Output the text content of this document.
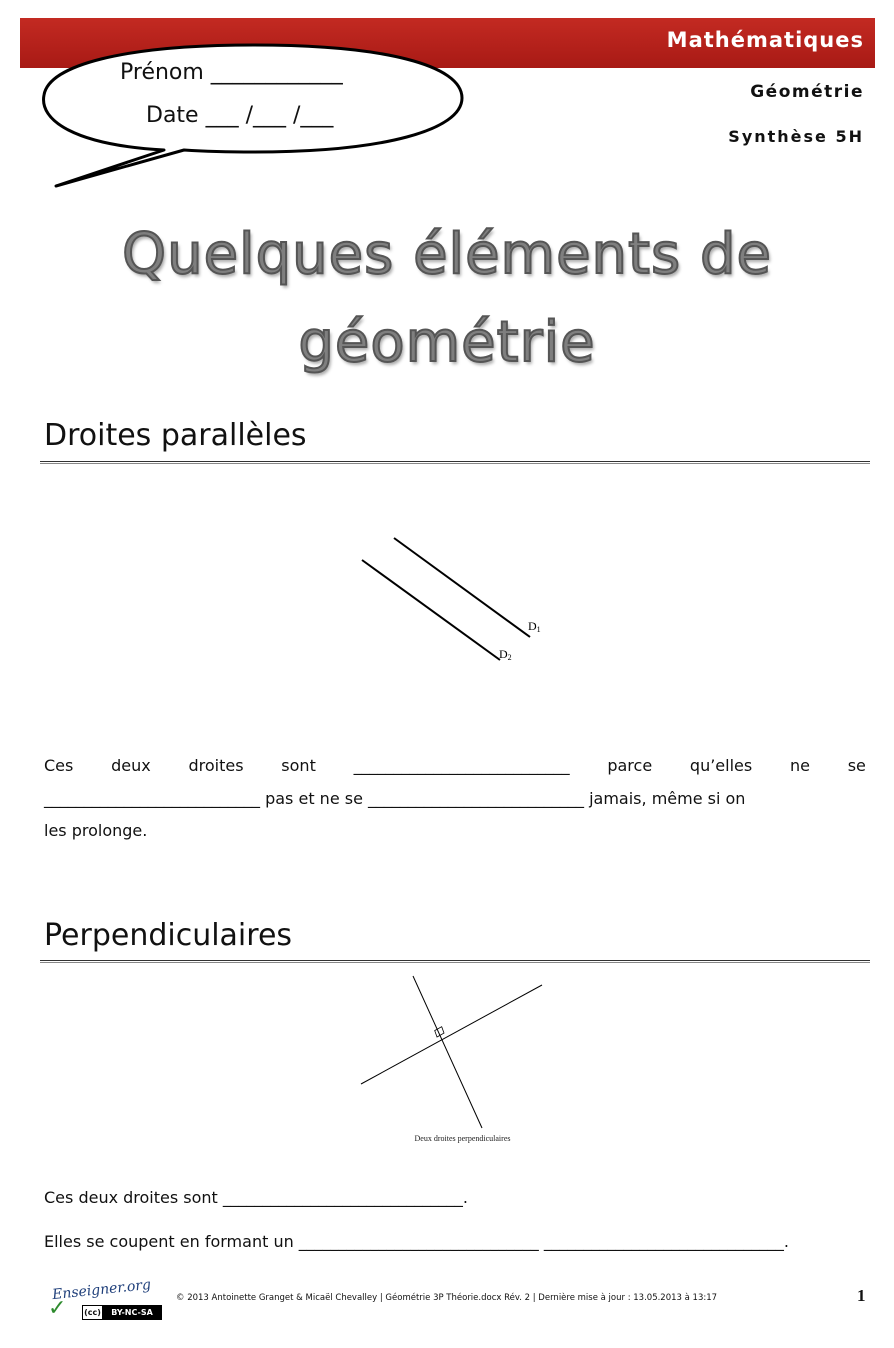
Mathématiques
Géométrie
Synthèse 5H
Prénom ____________
Date ___ /___ /___
Quelques éléments de
géométrie
Droites parallèles
D1
D2
Ces deux droites sont ___________________________ parce qu’elles ne se
___________________________ pas et ne se ___________________________ jamais, même si on
les prolonge.
Perpendiculaires
Deux droites perpendiculaires
Ces deux droites sont ______________________________.
Elles se coupent en formant un ______________________________ ______________________________.
Enseigner.org
✓ (cc)	BY-NC-SA
© 2013 Antoinette Granget & Micaël Chevalley | Géométrie 3P Théorie.docx Rév. 2 | Dernière mise à jour : 13.05.2013 à 13:17	1
